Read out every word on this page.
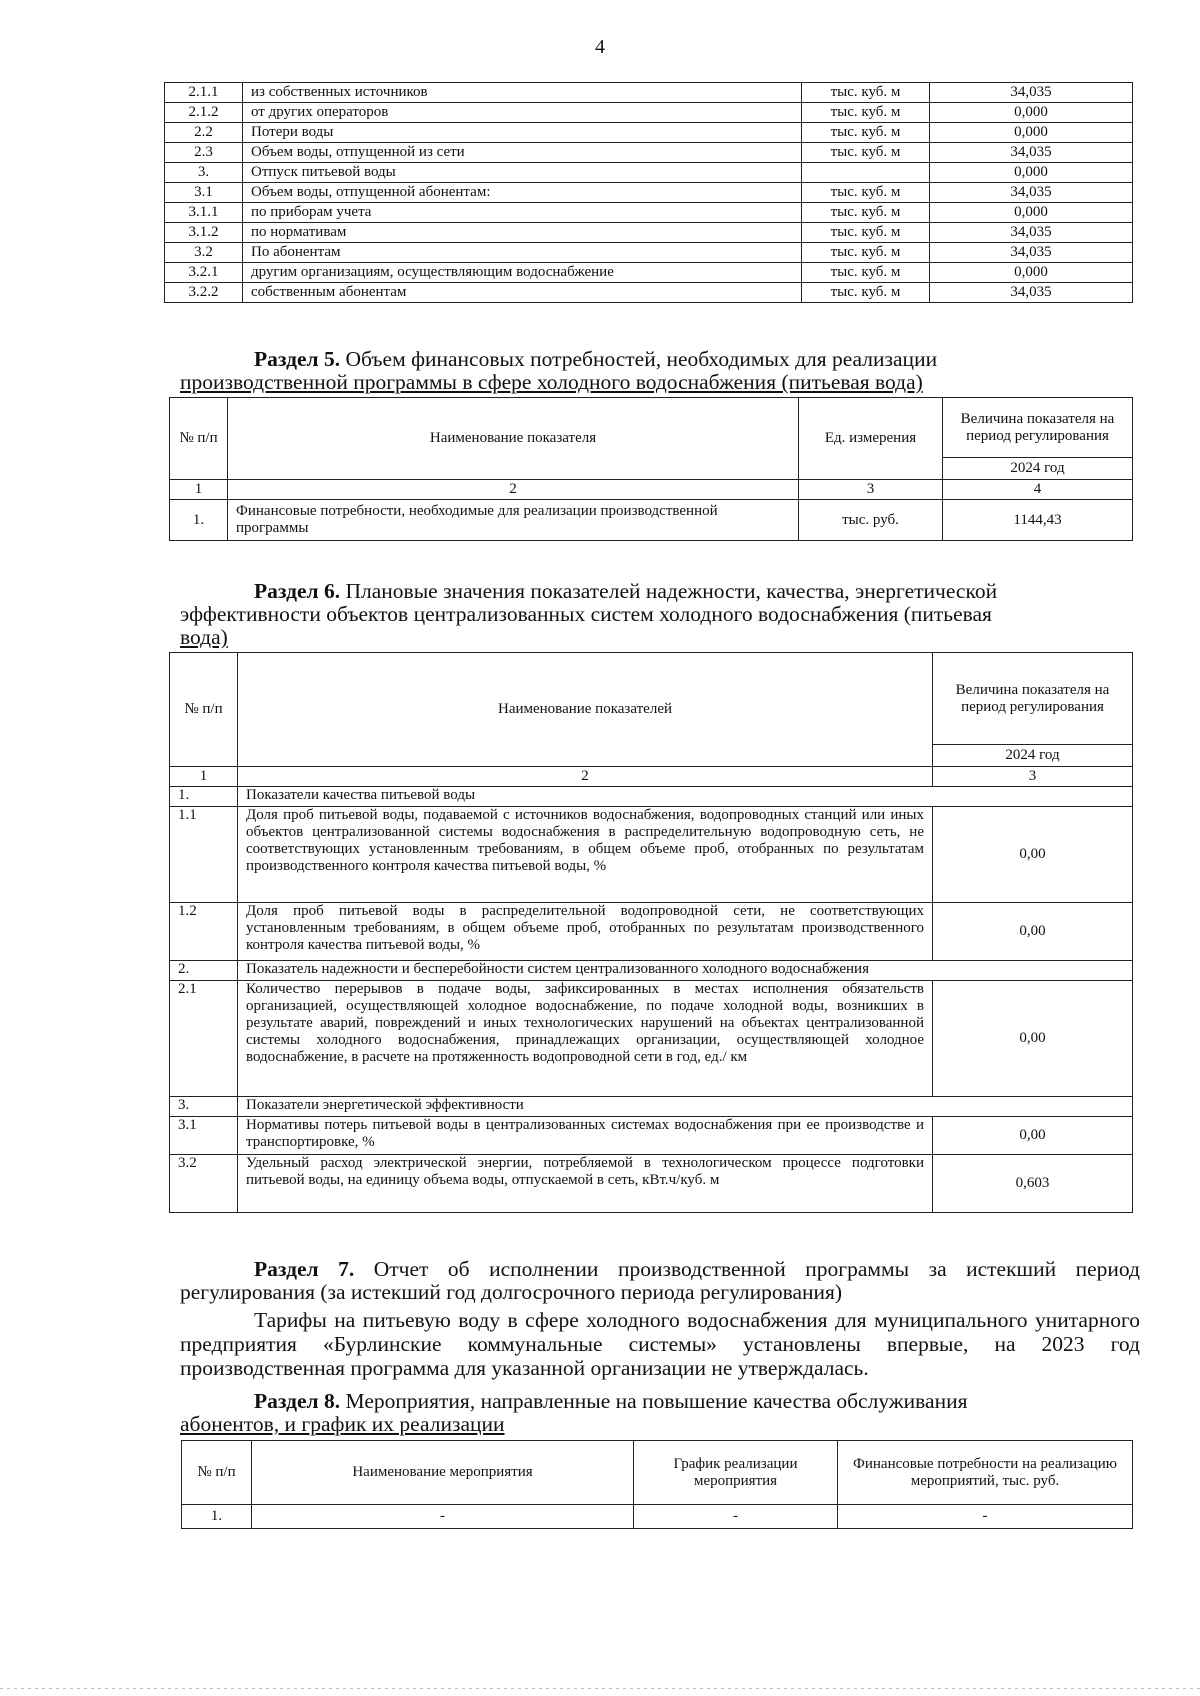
4
2.1.1	из собственных источников	тыс. куб. м	34,035
2.1.2	от других операторов	тыс. куб. м	0,000
2.2	Потери воды	тыс. куб. м	0,000
2.3	Объем воды, отпущенной из сети	тыс. куб. м	34,035
3.	Отпуск питьевой воды		0,000
3.1	Объем воды, отпущенной абонентам:	тыс. куб. м	34,035
3.1.1	по приборам учета	тыс. куб. м	0,000
3.1.2	по нормативам	тыс. куб. м	34,035
3.2	По абонентам	тыс. куб. м	34,035
3.2.1	другим организациям, осуществляющим водоснабжение	тыс. куб. м	0,000
3.2.2	собственным абонентам	тыс. куб. м	34,035
Раздел 5. Объем финансовых потребностей, необходимых для реализации
производственной программы в сфере холодного водоснабжения (питьевая вода)
№ п/п	Наименование показателя	Ед. измерения	Величина показателя на период регулирования
			2024 год
1	2	3	4
1.	Финансовые потребности, необходимые для реализации производственной программы	тыс. руб.	1144,43
Раздел 6. Плановые значения показателей надежности, качества, энергетической
эффективности объектов централизованных систем холодного водоснабжения (питьевая
вода)
№ п/п	Наименование показателей	Величина показателя на период регулирования
		2024 год
1	2	3
1.	Показатели качества питьевой воды	
1.1	Доля проб питьевой воды, подаваемой с источников водоснабжения, водопроводных станций или иных объектов централизованной системы водоснабжения в распределительную водопроводную сеть, не соответствующих установленным требованиям, в общем объеме проб, отобранных по результатам производственного контроля качества питьевой воды, %	0,00
1.2	Доля проб питьевой воды в распределительной водопроводной сети, не соответствующих установленным требованиям, в общем объеме проб, отобранных по результатам производственного контроля качества питьевой воды, %	0,00
2.	Показатель надежности и бесперебойности систем централизованного холодного водоснабжения	
2.1	Количество перерывов в подаче воды, зафиксированных в местах исполнения обязательств организацией, осуществляющей холодное водоснабжение, по подаче холодной воды, возникших в результате аварий, повреждений и иных технологических нарушений на объектах централизованной системы холодного водоснабжения, принадлежащих организации, осуществляющей холодное водоснабжение, в расчете на протяженность водопроводной сети в год, ед./ км	0,00
3.	Показатели энергетической эффективности	
3.1	Нормативы потерь питьевой воды в централизованных системах водоснабжения при ее производстве и транспортировке, %	0,00
3.2	Удельный расход электрической энергии, потребляемой в технологическом процессе подготовки питьевой воды, на единицу объема воды, отпускаемой в сеть, кВт.ч/куб. м	0,603
Раздел 7. Отчет об исполнении производственной программы за истекший период регулирования (за истекший год долгосрочного периода регулирования)
Тарифы на питьевую воду в сфере холодного водоснабжения для муниципального унитарного предприятия «Бурлинские коммунальные системы» установлены впервые, на 2023 год производственная программа для указанной организации не утверждалась.
Раздел 8. Мероприятия, направленные на повышение качества обслуживания
абонентов, и график их реализации
№ п/п	Наименование мероприятия	График реализации мероприятия	Финансовые потребности на реализацию мероприятий, тыс. руб.
1.	-	-	-
